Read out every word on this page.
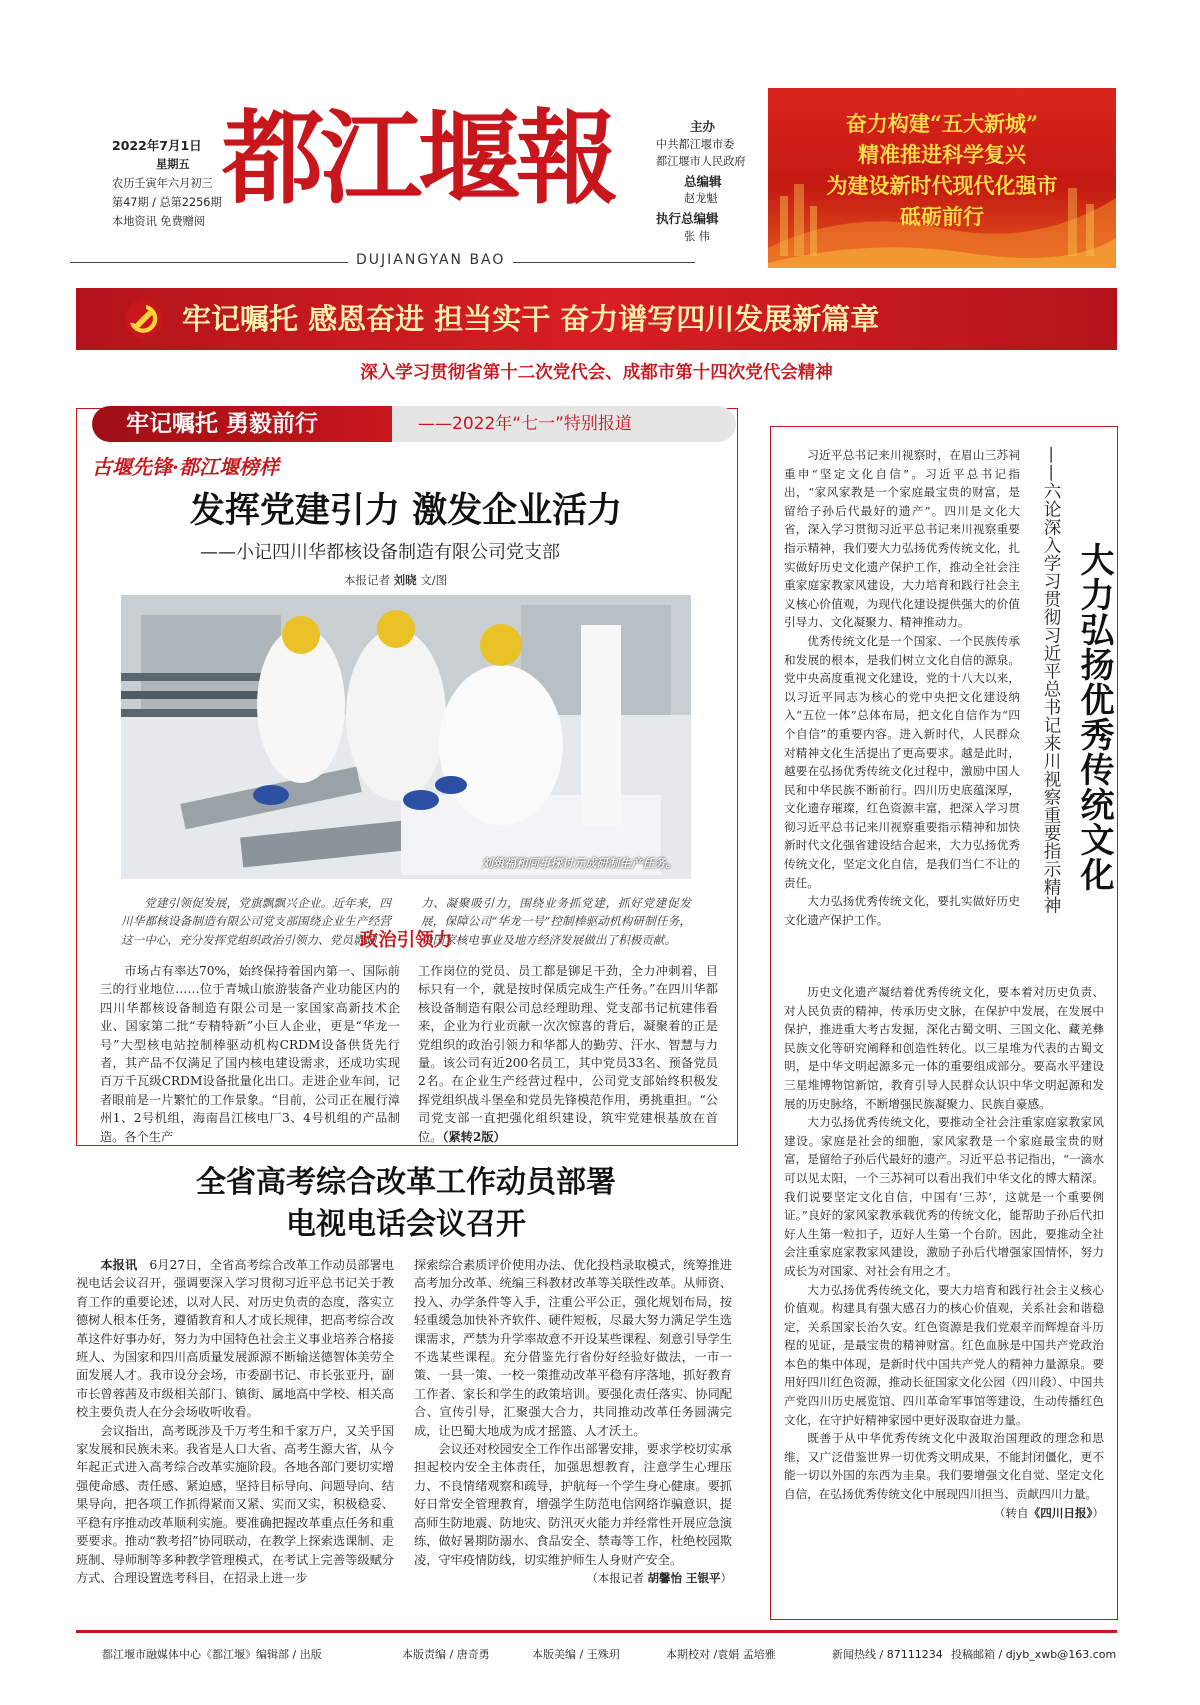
2022年7月1日
星期五
农历壬寅年六月初三
第47期 / 总第2256期
本地资讯 免费赠阅
都江堰報
DUJIANGYAN BAO
主办
中共都江堰市委
都江堰市人民政府
总编辑
赵龙魁
执行总编辑
张 伟
奋力构建“五大新城”
精准推进科学复兴
为建设新时代现代化强市
砥砺前行
牢记嘱托 感恩奋进 担当实干 奋力谱写四川发展新篇章
深入学习贯彻省第十二次党代会、成都市第十四次党代会精神
牢记嘱托 勇毅前行	——2022年“七一”特别报道
古堰先锋·都江堰榜样
发挥党建引力 激发企业活力
——小记四川华都核设备制造有限公司党支部
本报记者 刘晓 文/图
刘筑福和同事探讨元成研制生产任务。
党建引领促发展，党旗飘飘兴企业。近年来，四川华都核设备制造有限公司党支部围绕企业生产经营这一中心，充分发挥党组织政治引领力、党员影响
力、凝聚吸引力，围绕业务抓党建，抓好党建促发展，保障公司“华龙一号”控制棒驱动机构研制任务，为国家核电事业及地方经济发展做出了积极贡献。
政治引领力

市场占有率达70%，始终保持着国内第一、国际前三的行业地位……位于青城山旅游装备产业功能区内的四川华都核设备制造有限公司是一家国家高新技术企业、国家第二批“专精特新”小巨人企业，更是“华龙一号”大型核电站控制棒驱动机构CRDM设备供货先行者，其产品不仅满足了国内核电建设需求，还成功实现百万千瓦级CRDM设备批量化出口。走进企业车间，记者眼前是一片繁忙的工作景象。“目前，公司正在履行漳州1、2号机组，海南昌江核电厂3、4号机组的产品制造。各个生产

工作岗位的党员、员工都是铆足干劲，全力冲刺着，目标只有一个，就是按时保质完成生产任务。”在四川华都核设备制造有限公司总经理助理、党支部书记杭建伟看来，企业为行业贡献一次次惊喜的背后，凝聚着的正是党组织的政治引领力和华都人的勤劳、汗水、智慧与力量。该公司有近200名员工，其中党员33名、预备党员2名。在企业生产经营过程中，公司党支部始终积极发挥党组织战斗堡垒和党员先锋模范作用，勇挑重担。“公司党支部一直把强化组织建设，筑牢党建根基放在首位。（紧转2版）

全省高考综合改革工作动员部署
电视电话会议召开

本报讯  6月27日，全省高考综合改革工作动员部署电视电话会议召开，强调要深入学习贯彻习近平总书记关于教育工作的重要论述，以对人民、对历史负责的态度，落实立德树人根本任务，遵循教育和人才成长规律，把高考综合改革这件好事办好，努力为中国特色社会主义事业培养合格接班人、为国家和四川高质量发展源源不断输送德智体美劳全面发展人才。我市设分会场，市委副书记、市长张亚丹，副市长曾蓉茜及市级相关部门、镇街、属地高中学校、相关高校主要负责人在分会场收听收看。

会议指出，高考既涉及千万考生和千家万户，又关乎国家发展和民族未来。我省是人口大省、高考生源大省，从今年起正式进入高考综合改革实施阶段。各地各部门要切实增强使命感、责任感、紧迫感，坚持目标导向、问题导向、结果导向，把各项工作抓得紧而又紧、实而又实，积极稳妥、平稳有序推动改革顺利实施。要准确把握改革重点任务和重要要求。推动“教考招”协同联动，在教学上探索选课制、走班制、导师制等多种教学管理模式，在考试上完善等级赋分方式、合理设置选考科目，在招录上进一步

探索综合素质评价使用办法、优化投档录取模式，统筹推进高考加分改革、统编三科教材改革等关联性改革。从师资、投入、办学条件等入手，注重公平公正，强化规划布局，按轻重缓急加快补齐软件、硬件短板，尽最大努力满足学生选课需求，严禁为升学率故意不开设某些课程、刻意引导学生不选某些课程。充分借鉴先行省份好经验好做法，一市一策、一县一策、一校一策推动改革平稳有序落地，抓好教育工作者、家长和学生的政策培训。要强化责任落实、协同配合、宣传引导，汇聚强大合力，共同推动改革任务圆满完成，让巴蜀大地成为成才摇篮、人才沃土。

会议还对校园安全工作作出部署安排，要求学校切实承担起校内安全主体责任，加强思想教育，注意学生心理压力、不良情绪观察和疏导，护航每一个学生身心健康。要抓好日常安全管理教育，增强学生防范电信网络诈骗意识，提高师生防地震、防地灾、防汛灭火能力并经常性开展应急演练，做好暑期防溺水、食品安全、禁毒等工作，杜绝校园欺凌，守牢疫情防线，切实维护师生人身财产安全。

（本报记者 胡馨怡 王银平）
大力弘扬优秀传统文化
——六论深入学习贯彻习近平总书记来川视察重要指示精神

习近平总书记来川视察时，在眉山三苏祠重申“坚定文化自信”。习近平总书记指出，“家风家教是一个家庭最宝贵的财富，是留给子孙后代最好的遗产”。四川是文化大省，深入学习贯彻习近平总书记来川视察重要指示精神，我们要大力弘扬优秀传统文化，扎实做好历史文化遗产保护工作，推动全社会注重家庭家教家风建设，大力培育和践行社会主义核心价值观，为现代化建设提供强大的价值引导力、文化凝聚力、精神推动力。

优秀传统文化是一个国家、一个民族传承和发展的根本，是我们树立文化自信的源泉。党中央高度重视文化建设，党的十八大以来，以习近平同志为核心的党中央把文化建设纳入“五位一体”总体布局，把文化自信作为“四个自信”的重要内容。进入新时代，人民群众对精神文化生活提出了更高要求。越是此时，越要在弘扬优秀传统文化过程中，激励中国人民和中华民族不断前行。四川历史底蕴深厚，文化遗存璀璨，红色资源丰富，把深入学习贯彻习近平总书记来川视察重要指示精神和加快新时代文化强省建设结合起来，大力弘扬优秀传统文化，坚定文化自信，是我们当仁不让的责任。

大力弘扬优秀传统文化，要扎实做好历史文化遗产保护工作。

历史文化遗产凝结着优秀传统文化，要本着对历史负责、对人民负责的精神，传承历史文脉，在保护中发展，在发展中保护，推进重大考古发掘，深化古蜀文明、三国文化、藏羌彝民族文化等研究阐释和创造性转化。以三星堆为代表的古蜀文明，是中华文明起源多元一体的重要组成部分。要高水平建设三星堆博物馆新馆，教育引导人民群众认识中华文明起源和发展的历史脉络，不断增强民族凝聚力、民族自豪感。

大力弘扬优秀传统文化，要推动全社会注重家庭家教家风建设。家庭是社会的细胞，家风家教是一个家庭最宝贵的财富，是留给子孙后代最好的遗产。习近平总书记指出，“一滴水可以见太阳，一个三苏祠可以看出我们中华文化的博大精深。我们说要坚定文化自信，中国有‘三苏’，这就是一个重要例证。”良好的家风家教承载优秀的传统文化，能帮助子孙后代扣好人生第一粒扣子，迈好人生第一个台阶。因此，要推动全社会注重家庭家教家风建设，激励子孙后代增强家国情怀，努力成长为对国家、对社会有用之才。

大力弘扬优秀传统文化，要大力培育和践行社会主义核心价值观。构建具有强大感召力的核心价值观，关系社会和谐稳定，关系国家长治久安。红色资源是我们党艰辛而辉煌奋斗历程的见证，是最宝贵的精神财富。红色血脉是中国共产党政治本色的集中体现，是新时代中国共产党人的精神力量源泉。要用好四川红色资源，推动长征国家文化公园（四川段）、中国共产党四川历史展览馆、四川革命军事馆等建设，生动传播红色文化，在守护好精神家园中更好汲取奋进力量。

既善于从中华优秀传统文化中汲取治国理政的理念和思维，又广泛借鉴世界一切优秀文明成果，不能封闭僵化，更不能一切以外国的东西为圭臬。我们要增强文化自觉、坚定文化自信，在弘扬优秀传统文化中展现四川担当、贡献四川力量。
（转自《四川日报》）

都江堰市融媒体中心《都江堰》编辑部 / 出版	本版责编 / 唐奇勇	本版美编 / 王殊玥	本期校对 /袁娟 孟培雅	新闻热线 / 87111234 投稿邮箱 / djyb_xwb@163.com
